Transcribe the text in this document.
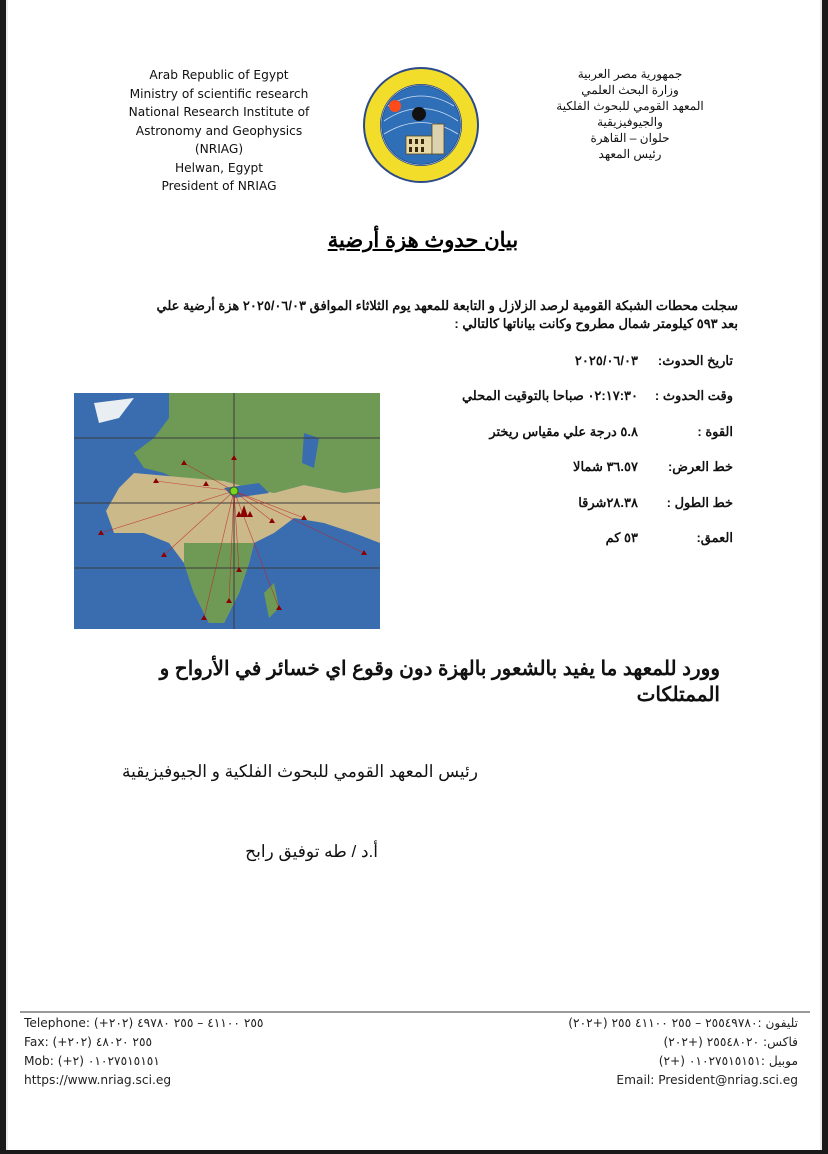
Arab Republic of Egypt
Ministry of scientific research
National Research Institute of
Astronomy and Geophysics
(NRIAG)
Helwan, Egypt
President of NRIAG
جمهورية مصر العربية
وزارة البحث العلمي
المعهد القومي للبحوث الفلكية
والجيوفيزيقية
حلوان – القاهرة
رئيس المعهد
بيان حدوث هزة أرضية
سجلت محطات الشبكة القومية لرصد الزلازل و التابعة للمعهد يوم الثلاثاء الموافق ٢٠٢٥/٠٦/٠٣ هزة أرضية علي
بعد ٥٩٣ كيلومتر شمال مطروح وكانت بياناتها كالتالي :
تاريخ الحدوث:
٢٠٢٥/٠٦/٠٣
وقت الحدوث :
٠٢:١٧:٣٠ صباحا بالتوقيت المحلي
القوة :
٥.٨ درجة علي مقياس ريختر
خط العرض:
٣٦.٥٧ شمالا
خط الطول :
٢٨.٣٨شرقا
العمق:
٥٣ كم
وورد للمعهد ما يفيد بالشعور بالهزة دون وقوع اي خسائر في الأرواح و
الممتلكات
رئيس المعهد القومي للبحوث الفلكية و الجيوفيزيقية
أ.د / طه توفيق رابح
Telephone: (+٢٠٢) ٢٥٥ ٤١١٠٠ – ٢٥٥ ٤٩٧٨٠
Fax: (+٢٠٢) ٢٥٥ ٤٨٠٢٠
Mob: (+٢) ٠١٠٢٧٥١٥١٥١
https://www.nriag.sci.eg
تليفون :٢٥٥٤٩٧٨٠ – ٢٥٥ ٤١١٠٠ ٢٥٥ (+٢٠٢)
فاكس: ٢٥٥٤٨٠٢٠ (+٢٠٢)
موبيل :٠١٠٢٧٥١٥١٥١ (+٢)
Email: President@nriag.sci.eg
